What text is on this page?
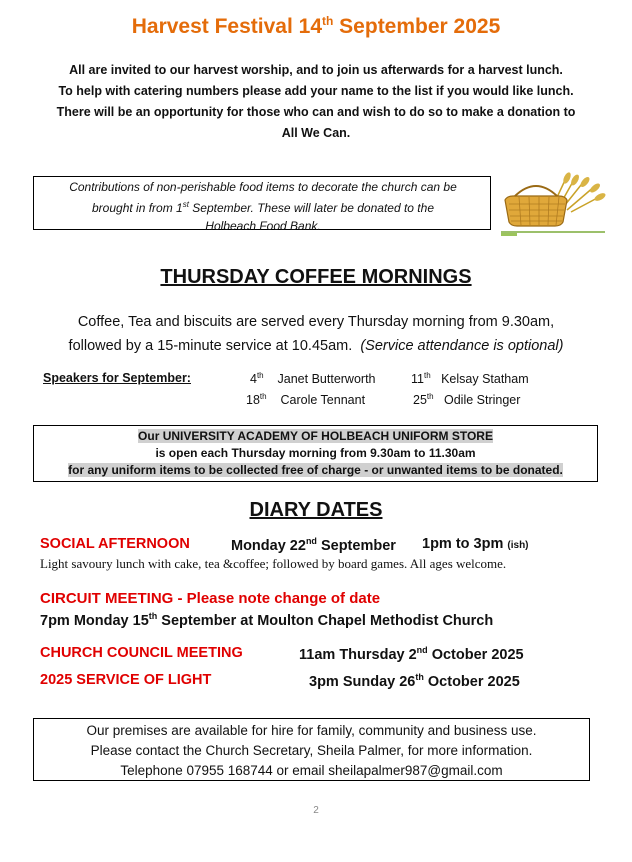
Harvest Festival 14th September 2025
All are invited to our harvest worship, and to join us afterwards for a harvest lunch.
To help with catering numbers please add your name to the list if you would like lunch.
There will be an opportunity for those who can and wish to do so to make a donation to
All We Can.
Contributions of non-perishable food items to decorate the church can be
brought in from 1st September. These will later be donated to the
Holbeach Food Bank.
THURSDAY COFFEE MORNINGS
Coffee, Tea and biscuits are served every Thursday morning from 9.30am,
followed by a 15-minute service at 10.45am. (Service attendance is optional)
Speakers for September:	4th Janet Butterworth	11th Kelsay Statham
18th Carole Tennant	25th Odile Stringer
Our UNIVERSITY ACADEMY OF HOLBEACH UNIFORM STORE
is open each Thursday morning from 9.30am to 11.30am
for any uniform items to be collected free of charge - or unwanted items to be donated.
DIARY DATES
SOCIAL AFTERNOON	Monday 22nd September 1pm to 3pm (ish)
Light savoury lunch with cake, tea &coffee; followed by board games. All ages welcome.
CIRCUIT MEETING - Please note change of date
7pm Monday 15th September at Moulton Chapel Methodist Church
CHURCH COUNCIL MEETING	11am Thursday 2nd October 2025
2025 SERVICE OF LIGHT	3pm Sunday 26th October 2025
Our premises are available for hire for family, community and business use.
Please contact the Church Secretary, Sheila Palmer, for more information.
Telephone 07955 168744 or email sheilapalmer987@gmail.com
2
